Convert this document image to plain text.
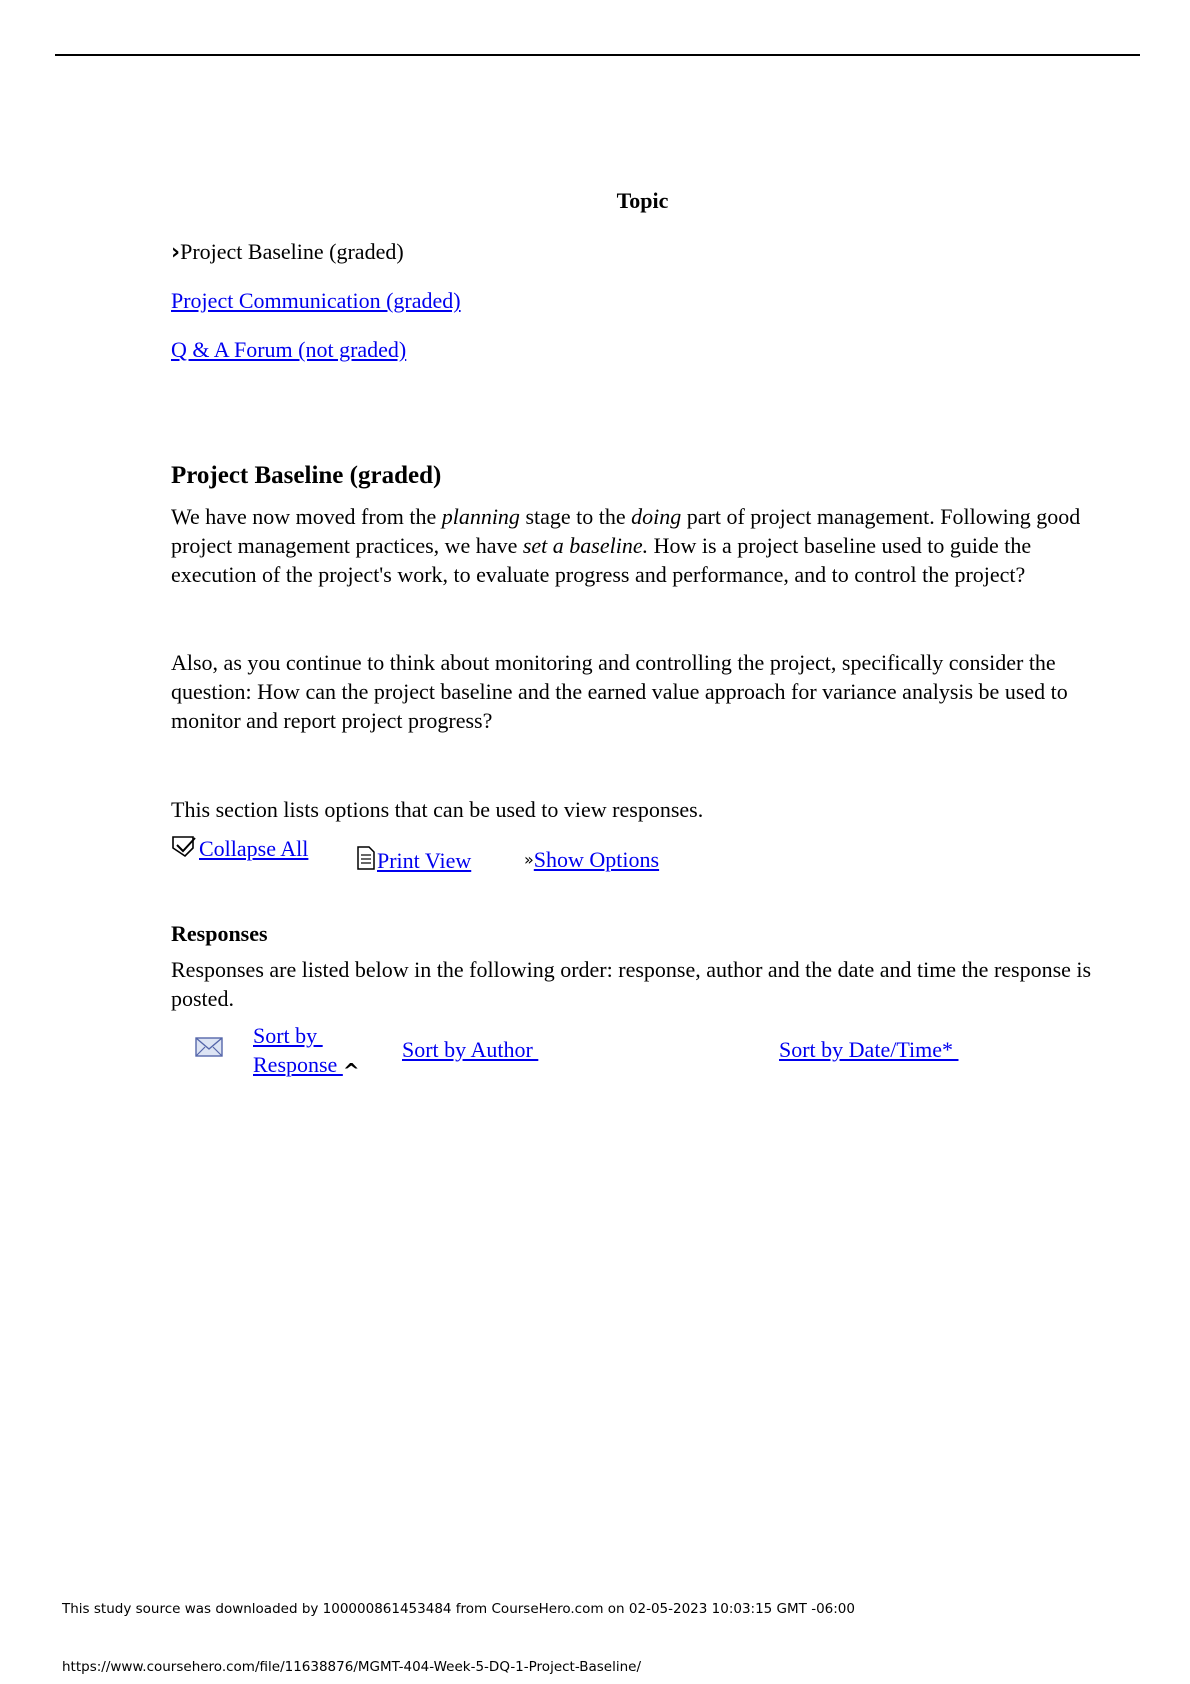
Topic
›Project Baseline (graded)
Project Communication (graded)
Q & A Forum (not graded)
Project Baseline (graded)

We have now moved from the planning stage to the doing part of project management. Following good project management practices, we have set a baseline. How is a project baseline used to guide the execution of the project's work, to evaluate progress and performance, and to control the project?

Also, as you continue to think about monitoring and controlling the project, specifically consider the question: How can the project baseline and the earned value approach for variance analysis be used to monitor and report project progress?
This section lists options that can be used to view responses.
Collapse All	Print View	»Show Options
Responses
Responses are listed below in the following order: response, author and the date and time the response is posted.
Sort by
Response ^
Sort by Author	Sort by Date/Time*
This study source was downloaded by 100000861453484 from CourseHero.com on 02-05-2023 10:03:15 GMT -06:00
https://www.coursehero.com/file/11638876/MGMT-404-Week-5-DQ-1-Project-Baseline/
